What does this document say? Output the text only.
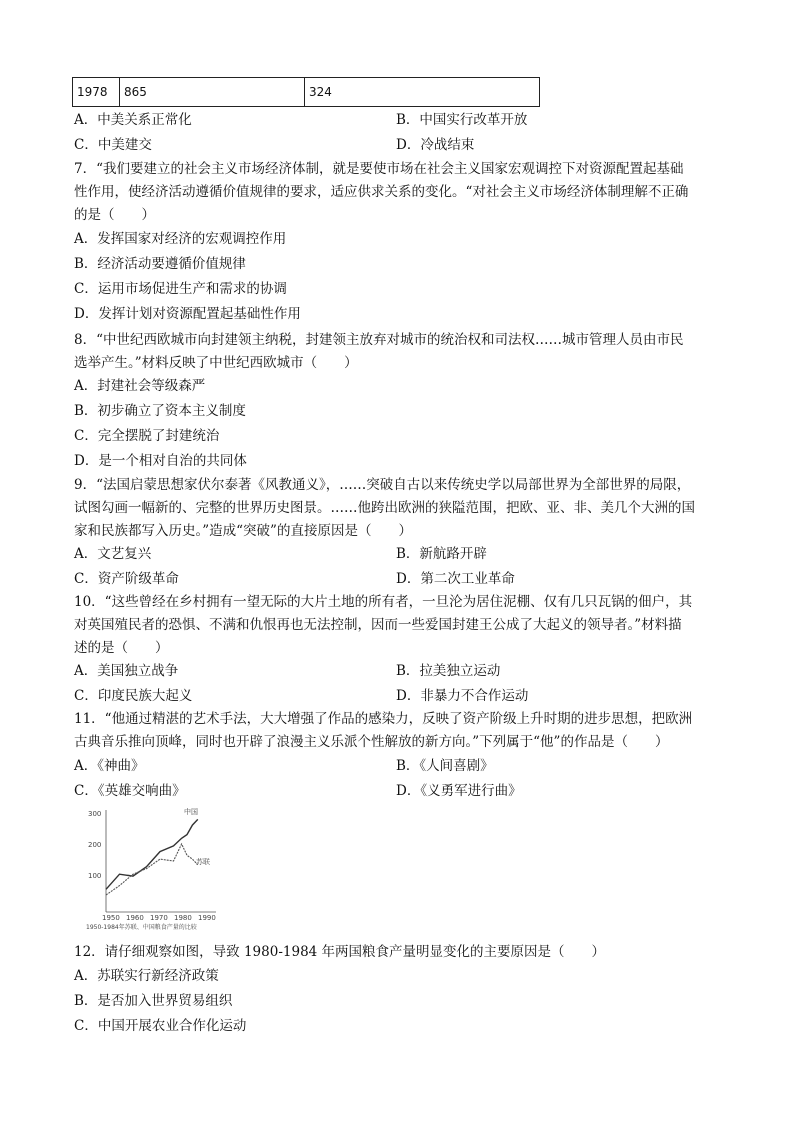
1978	865	324
A．中美关系正常化	B．中国实行改革开放
C．中美建交	D．冷战结束
7．“我们要建立的社会主义市场经济体制，就是要使市场在社会主义国家宏观调控下对资源配置起基础
性作用，使经济活动遵循价值规律的要求，适应供求关系的变化。“对社会主义市场经济体制理解不正确
的是（　　）
A．发挥国家对经济的宏观调控作用
B．经济活动要遵循价值规律
C．运用市场促进生产和需求的协调
D．发挥计划对资源配置起基础性作用
8．“中世纪西欧城市向封建领主纳税，封建领主放弃对城市的统治权和司法权……城市管理人员由市民
选举产生。”材料反映了中世纪西欧城市（　　）
A．封建社会等级森严
B．初步确立了资本主义制度
C．完全摆脱了封建统治
D．是一个相对自治的共同体
9．“法国启蒙思想家伏尔泰著《风教通义》，……突破自古以来传统史学以局部世界为全部世界的局限，
试图勾画一幅新的、完整的世界历史图景。……他跨出欧洲的狭隘范围，把欧、亚、非、美几个大洲的国
家和民族都写入历史。”造成“突破”的直接原因是（　　）
A．文艺复兴	B．新航路开辟
C．资产阶级革命	D．第二次工业革命
10．“这些曾经在乡村拥有一望无际的大片土地的所有者，一旦沦为居住泥棚、仅有几只瓦锅的佃户，其
对英国殖民者的恐惧、不满和仇恨再也无法控制，因而一些爱国封建王公成了大起义的领导者。”材料描
述的是（　　）
A．美国独立战争	B．拉美独立运动
C．印度民族大起义	D．非暴力不合作运动
11．“他通过精湛的艺术手法，大大增强了作品的感染力，反映了资产阶级上升时期的进步思想，把欧洲
古典音乐推向顶峰，同时也开辟了浪漫主义乐派个性解放的新方向。”下列属于“他”的作品是（　　）
A．《神曲》	B．《人间喜剧》
C．《英雄交响曲》	D．《义勇军进行曲》
300
200
100
1950 1960 1970 1980 1990
1950-1984年苏联、中国粮食产量的比较
中国
苏联
12．请仔细观察如图，导致 1980-1984 年两国粮食产量明显变化的主要原因是（　　）
A．苏联实行新经济政策
B．是否加入世界贸易组织
C．中国开展农业合作化运动
